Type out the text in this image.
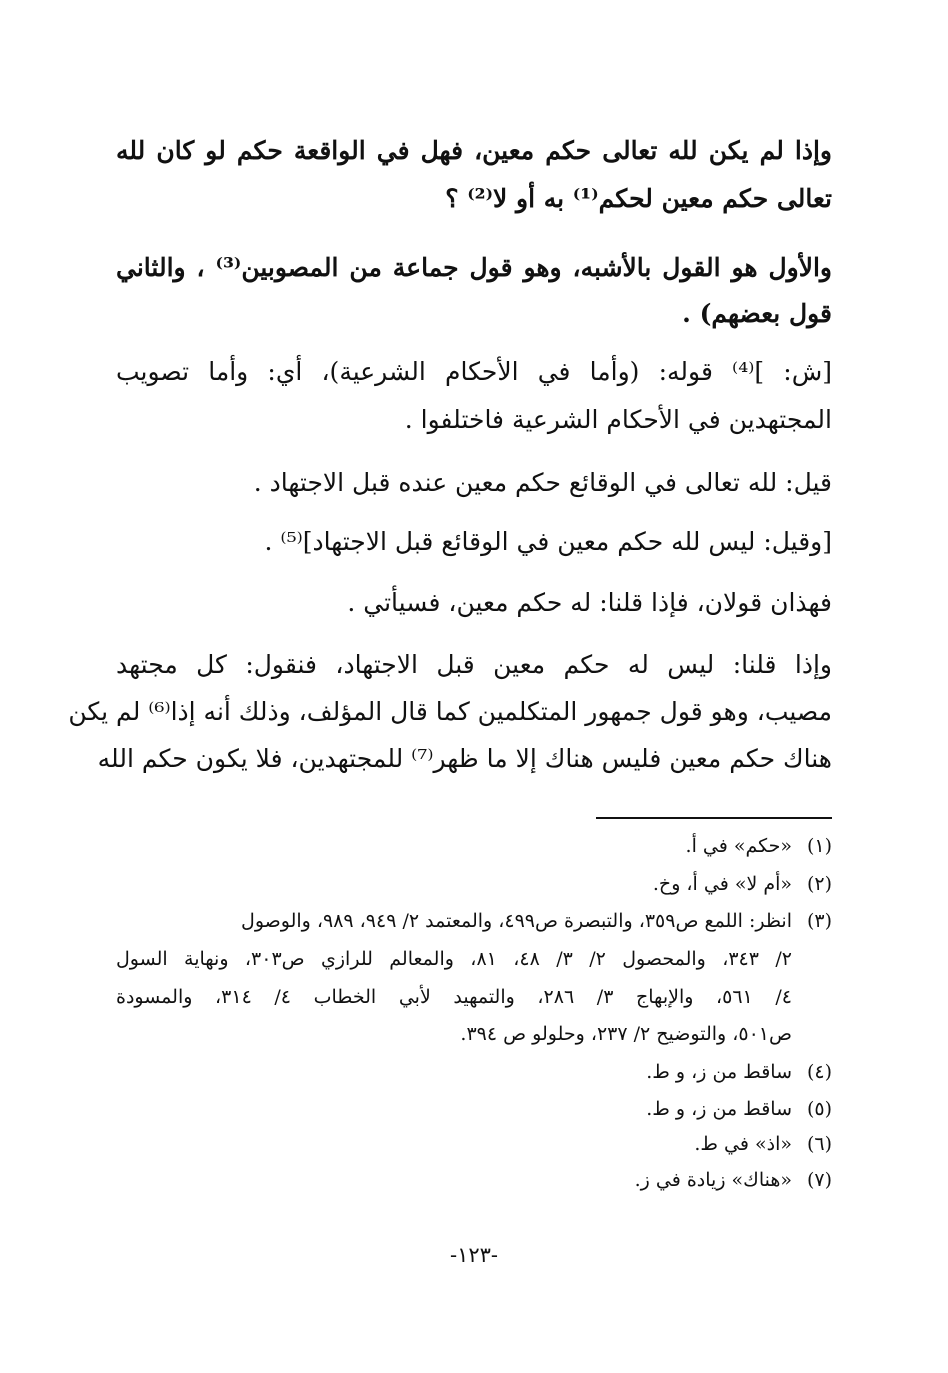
وإذا لم يكن لله تعالى حكم معين، فهل في الواقعة حكم لو كان لله
تعالى حكم معين لحكم⁽¹⁾ به أو لا⁽²⁾ ؟
والأول هو القول بالأشبه، وهو قول جماعة من المصوبين⁽³⁾ ، والثاني
قول بعضهم) .
[ش: ]⁽⁴⁾ قوله: (وأما في الأحكام الشرعية)، أي: وأما تصويب
المجتهدين في الأحكام الشرعية فاختلفوا .
قيل: لله تعالى في الوقائع حكم معين عنده قبل الاجتهاد .
[وقيل: ليس لله حكم معين في الوقائع قبل الاجتهاد]⁽⁵⁾ .
فهذان قولان، فإذا قلنا: له حكم معين، فسيأتي .
وإذا قلنا: ليس له حكم معين قبل الاجتهاد، فنقول: كل مجتهد
مصيب، وهو قول جمهور المتكلمين كما قال المؤلف، وذلك أنه إذا⁽⁶⁾ لم يكن
هناك حكم معين فليس هناك إلا ما ظهر⁽⁷⁾ للمجتهدين، فلا يكون حكم الله
(١)«حكم» في أ.
(٢)«أم لا» في أ، وخ.
(٣)انظر: اللمع ص٣٥٩، والتبصرة ص٤٩٩، والمعتمد ٢/ ٩٤٩، ٩٨٩، والوصول
٢/ ٣٤٣، والمحصول ٢/ ٣/ ٤٨، ٨١، والمعالم للرازي ص٣٠٣، ونهاية السول
٤/ ٥٦١، والإبهاج ٣/ ٢٨٦، والتمهيد لأبي الخطاب ٤/ ٣١٤، والمسودة
ص٥٠١، والتوضيح ٢/ ٢٣٧، وحلولو ص ٣٩٤.
(٤)ساقط من ز، و ط.
(٥)ساقط من ز، و ط.
(٦)«اذ» في ط.
(٧)«هناك» زيادة في ز.
-١٢٣-
